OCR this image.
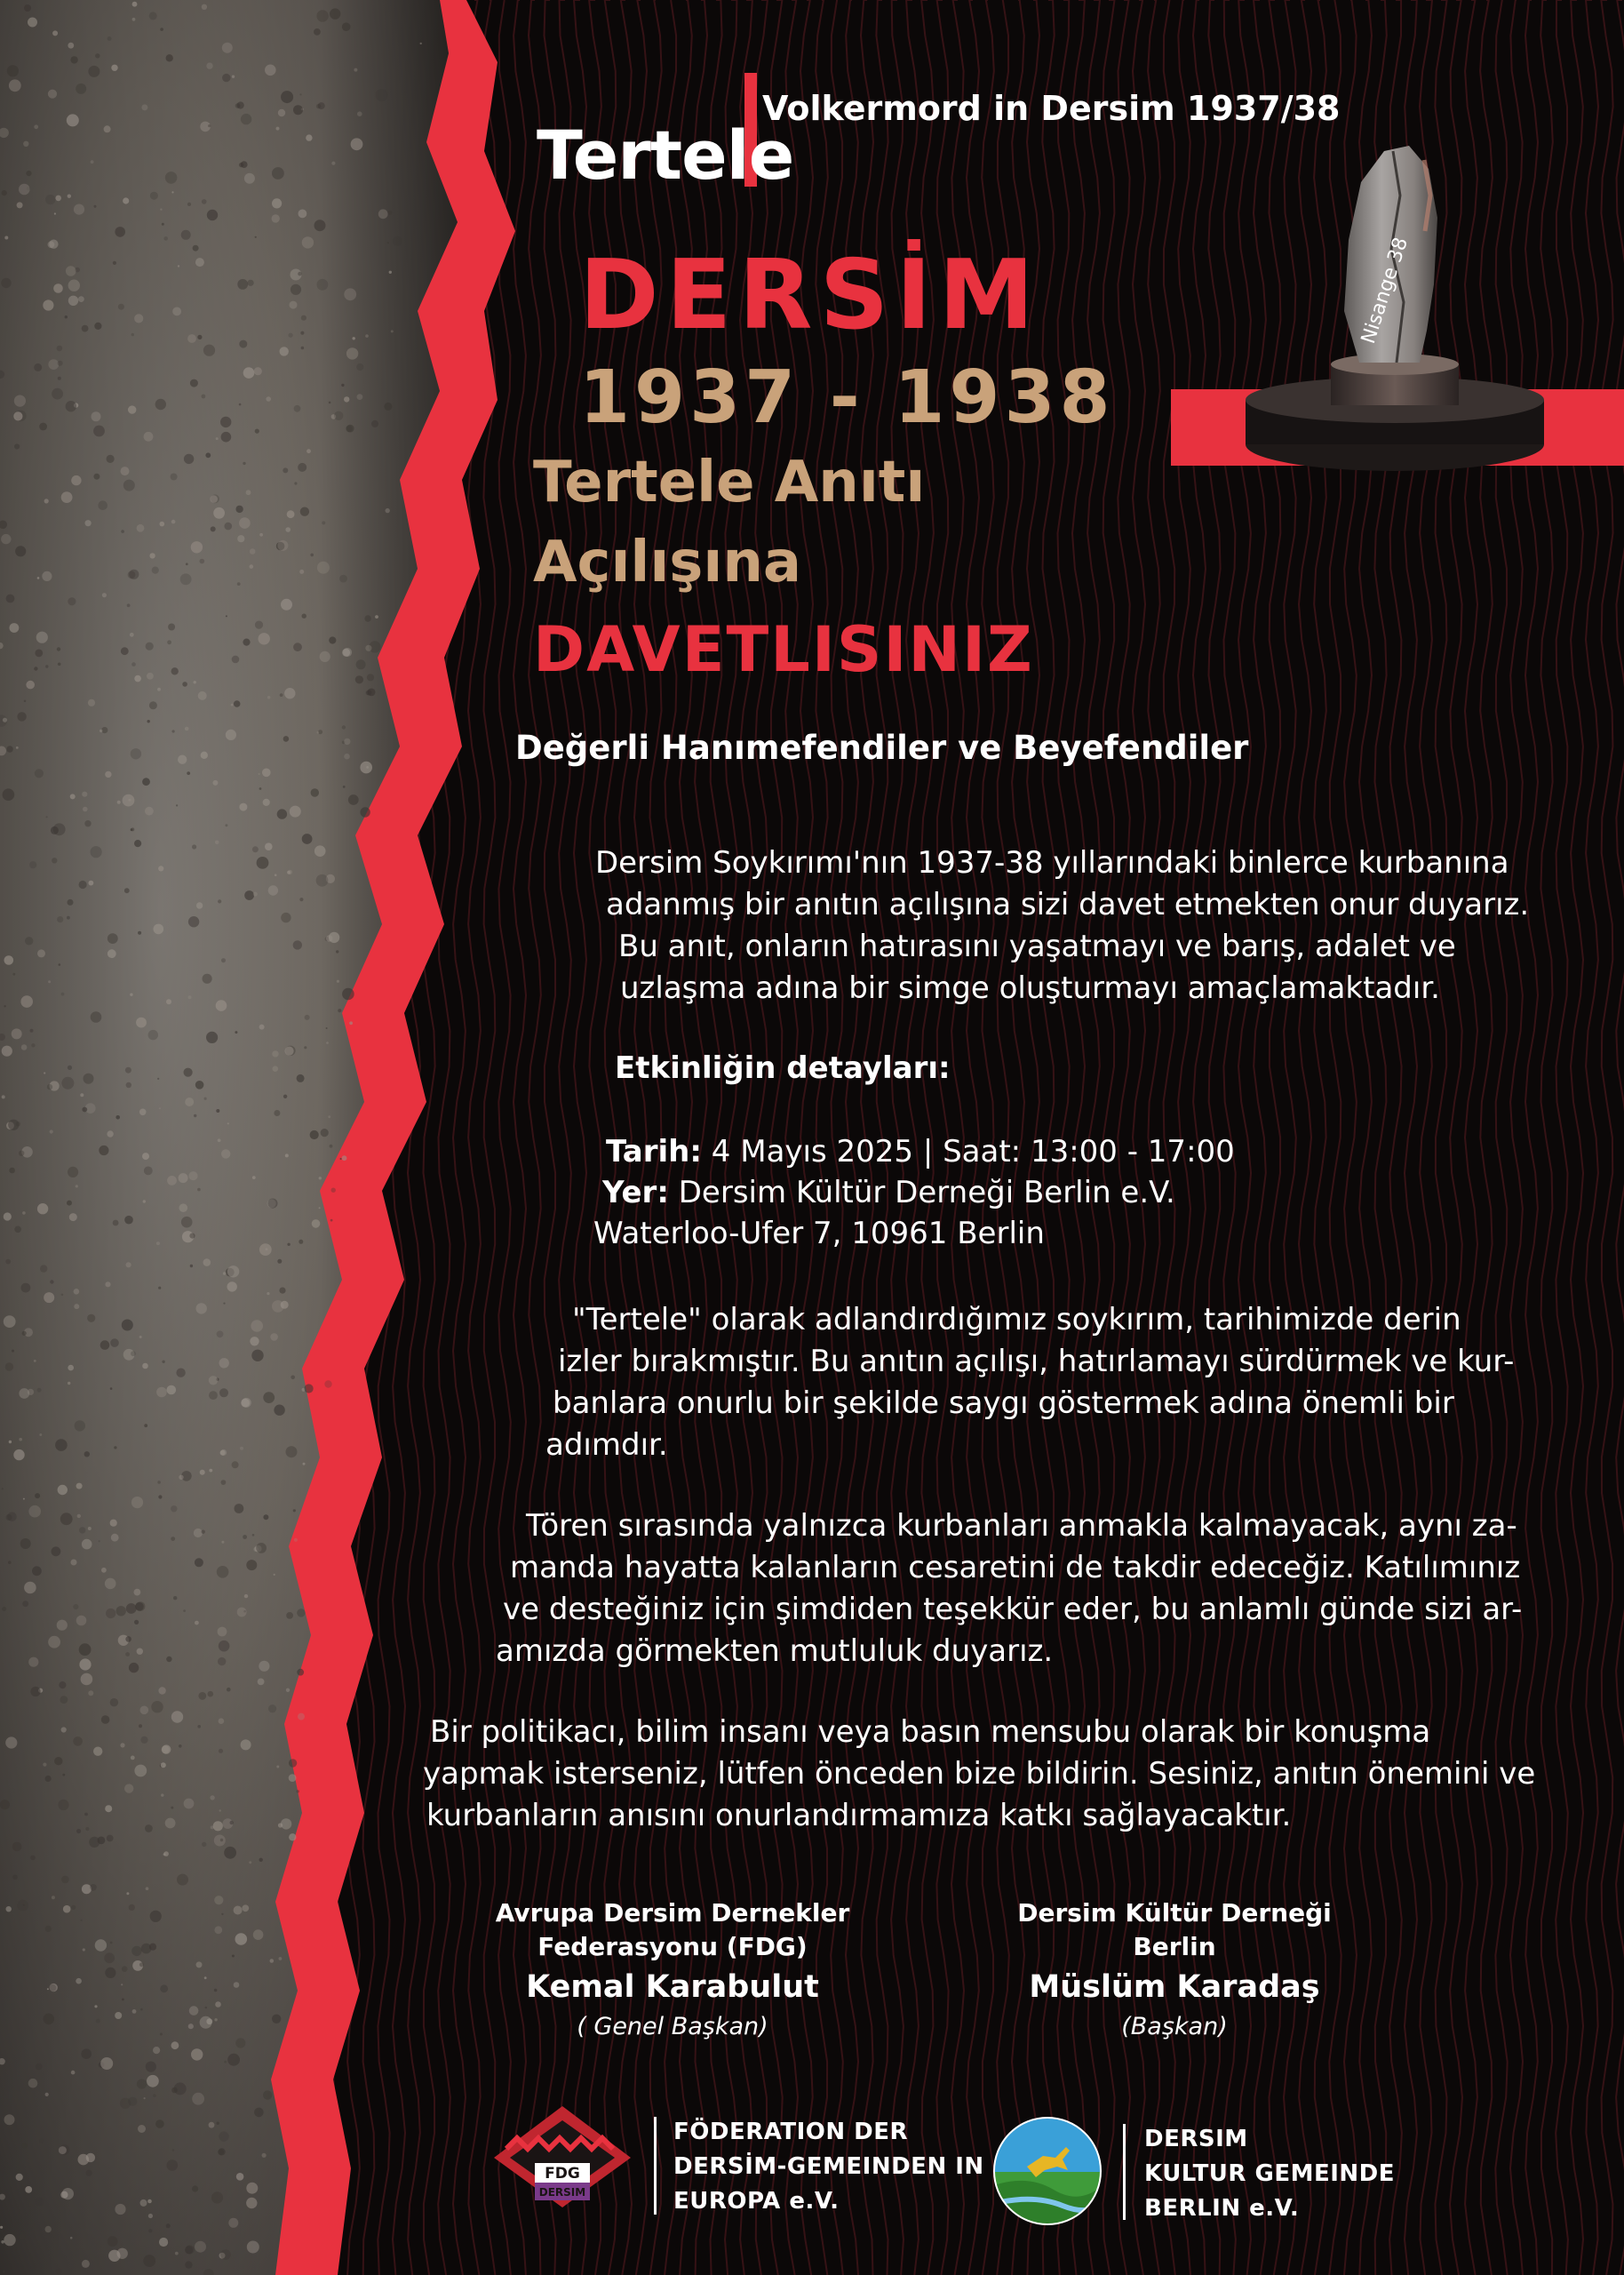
Tertele
Volkermord in Dersim 1937/38
DERSİM
1937 - 1938
Tertele Anıtı
Açılışına
DAVETLISINIZ
Nisange 38
Değerli Hanımefendiler ve Beyefendiler
Dersim Soykırımı'nın 1937-38 yıllarındaki binlerce kurbanına
adanmış bir anıtın açılışına sizi davet etmekten onur duyarız.
Bu anıt, onların hatırasını yaşatmayı ve barış, adalet ve
uzlaşma adına bir simge oluşturmayı amaçlamaktadır.
Etkinliğin detayları:
Tarih: 4 Mayıs 2025 | Saat: 13:00 - 17:00
Yer: Dersim Kültür Derneği Berlin e.V.
Waterloo-Ufer 7, 10961 Berlin
"Tertele" olarak adlandırdığımız soykırım, tarihimizde derin
izler bırakmıştır. Bu anıtın açılışı, hatırlamayı sürdürmek ve kur-
banlara onurlu bir şekilde saygı göstermek adına önemli bir
adımdır.
Tören sırasında yalnızca kurbanları anmakla kalmayacak, aynı za-
manda hayatta kalanların cesaretini de takdir edeceğiz. Katılımınız
ve desteğiniz için şimdiden teşekkür eder, bu anlamlı günde sizi ar-
amızda görmekten mutluluk duyarız.
Bir politikacı, bilim insanı veya basın mensubu olarak bir konuşma
yapmak isterseniz, lütfen önceden bize bildirin. Sesiniz, anıtın önemini ve
kurbanların anısını onurlandırmamıza katkı sağlayacaktır.
Avrupa Dersim Dernekler
Federasyonu (FDG)
Kemal Karabulut
( Genel Başkan)
Dersim Kültür Derneği
Berlin
Müslüm Karadaş
(Başkan)
FDG
DERSIM
FÖDERATION DER
DERSİM-GEMEINDEN IN
EUROPA e.V.
DERSIM
KULTUR GEMEINDE
BERLIN e.V.
